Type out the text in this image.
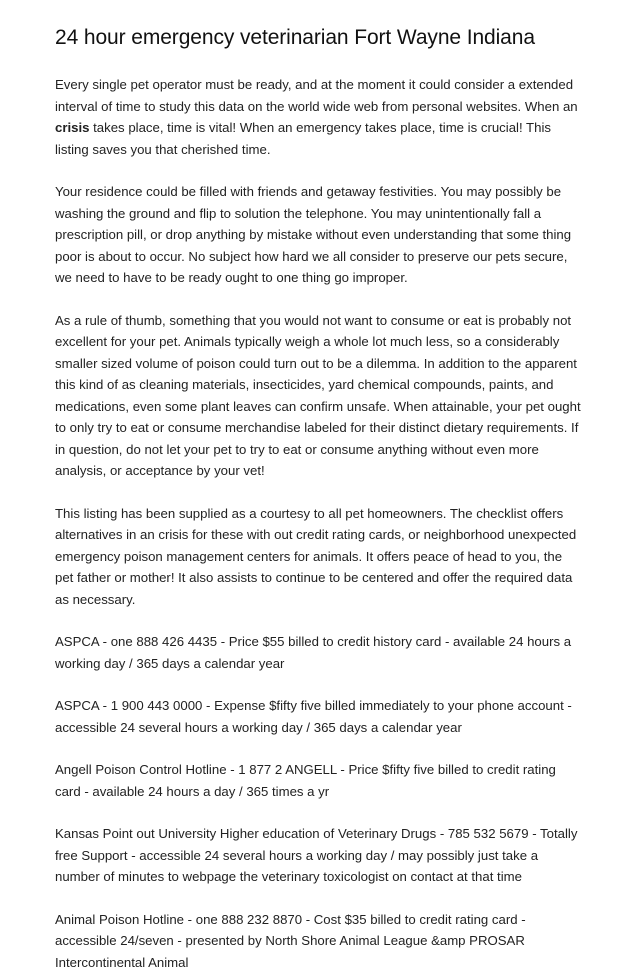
24 hour emergency veterinarian Fort Wayne Indiana

Every single pet operator must be ready, and at the moment it could consider a extended interval of time to study this data on the world wide web from personal websites. When an crisis takes place, time is vital! When an emergency takes place, time is crucial! This listing saves you that cherished time.

Your residence could be filled with friends and getaway festivities. You may possibly be washing the ground and flip to solution the telephone. You may unintentionally fall a prescription pill, or drop anything by mistake without even understanding that some thing poor is about to occur. No subject how hard we all consider to preserve our pets secure, we need to have to be ready ought to one thing go improper.

As a rule of thumb, something that you would not want to consume or eat is probably not excellent for your pet. Animals typically weigh a whole lot much less, so a considerably smaller sized volume of poison could turn out to be a dilemma. In addition to the apparent this kind of as cleaning materials, insecticides, yard chemical compounds, paints, and medications, even some plant leaves can confirm unsafe. When attainable, your pet ought to only try to eat or consume merchandise labeled for their distinct dietary requirements. If in question, do not let your pet to try to eat or consume anything without even more analysis, or acceptance by your vet!

This listing has been supplied as a courtesy to all pet homeowners. The checklist offers alternatives in an crisis for these with out credit rating cards, or neighborhood unexpected emergency poison management centers for animals. It offers peace of head to you, the pet father or mother! It also assists to continue to be centered and offer the required data as necessary.

ASPCA - one 888 426 4435 - Price $55 billed to credit history card - available 24 hours a working day / 365 days a calendar year

ASPCA - 1 900 443 0000 - Expense $fifty five billed immediately to your phone account - accessible 24 several hours a working day / 365 days a calendar year

Angell Poison Control Hotline - 1 877 2 ANGELL - Price $fifty five billed to credit rating card - available 24 hours a day / 365 times a yr

Kansas Point out University Higher education of Veterinary Drugs - 785 532 5679 - Totally free Support - accessible 24 several hours a working day / may possibly just take a number of minutes to webpage the veterinary toxicologist on contact at that time

Animal Poison Hotline - one 888 232 8870 - Cost $35 billed to credit rating card - accessible 24/seven - presented by North Shore Animal League &amp PROSAR Intercontinental Animal
